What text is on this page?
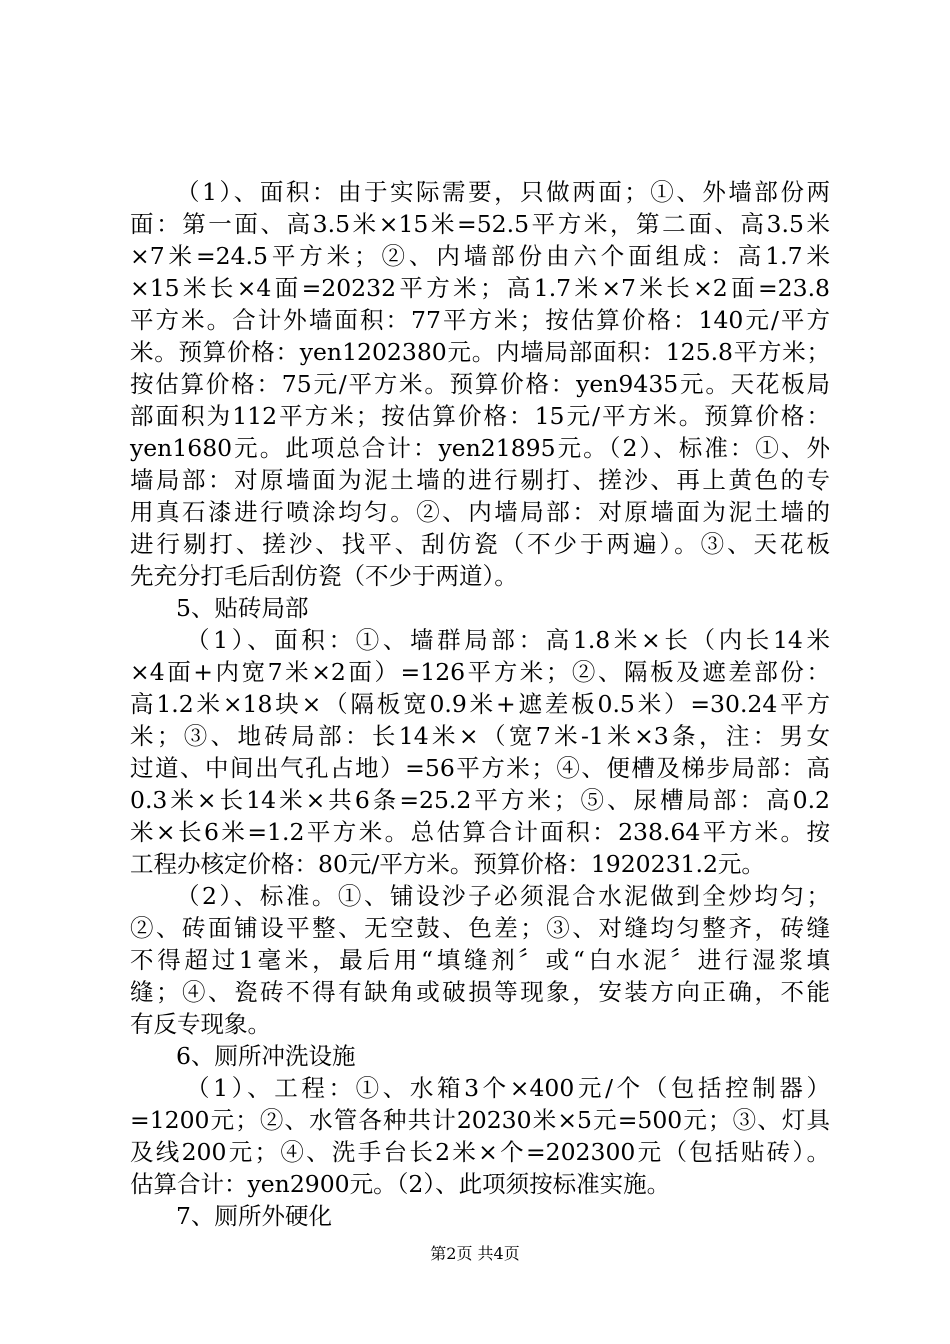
（1）、面积：由于实际需要，只做两面；①、外墙部份两
面：第一面、高3.5米×15米=52.5平方米，第二面、高3.5米
×7米=24.5平方米；②、内墙部份由六个面组成：高1.7米
×15米长×4面=20232平方米；高1.7米×7米长×2面=23.8
平方米。合计外墙面积：77平方米；按估算价格：140元/平方
米。预算价格：yen1202380元。内墙局部面积：125.8平方米；
按估算价格：75元/平方米。预算价格：yen9435元。天花板局
部面积为112平方米；按估算价格：15元/平方米。预算价格：
yen1680元。此项总合计：yen21895元。（2）、标准：①、外
墙局部：对原墙面为泥土墙的进行剔打、搓沙、再上黄色的专
用真石漆进行喷涂均匀。②、内墙局部：对原墙面为泥土墙的
进行剔打、搓沙、找平、刮仿瓷（不少于两遍）。③、天花板
先充分打毛后刮仿瓷（不少于两道）。
5、贴砖局部
（1）、面积：①、墙群局部：高1.8米×长（内长14米
×4面+内宽7米×2面）=126平方米；②、隔板及遮差部份：
高1.2米×18块×（隔板宽0.9米+遮差板0.5米）=30.24平方
米；③、地砖局部：长14米×（宽7米-1米×3条，注：男女
过道、中间出气孔占地）=56平方米；④、便槽及梯步局部：高
0.3米×长14米×共6条=25.2平方米；⑤、尿槽局部：高0.2
米×长6米=1.2平方米。总估算合计面积：238.64平方米。按
工程办核定价格：80元/平方米。预算价格：1920231.2元。
（2）、标准。①、铺设沙子必须混合水泥做到全炒均匀；
②、砖面铺设平整、无空鼓、色差；③、对缝均匀整齐，砖缝
不得超过1毫米，最后用“填缝剂〞或“白水泥〞进行湿浆填
缝；④、瓷砖不得有缺角或破损等现象，安装方向正确，不能
有反专现象。
6、厕所冲洗设施
（1）、工程：①、水箱3个×400元/个（包括控制器）
=1200元；②、水管各种共计20230米×5元=500元；③、灯具
及线200元；④、洗手台长2米×个=202300元（包括贴砖）。
估算合计：yen2900元。（2）、此项须按标准实施。
7、厕所外硬化
第2页 共4页
